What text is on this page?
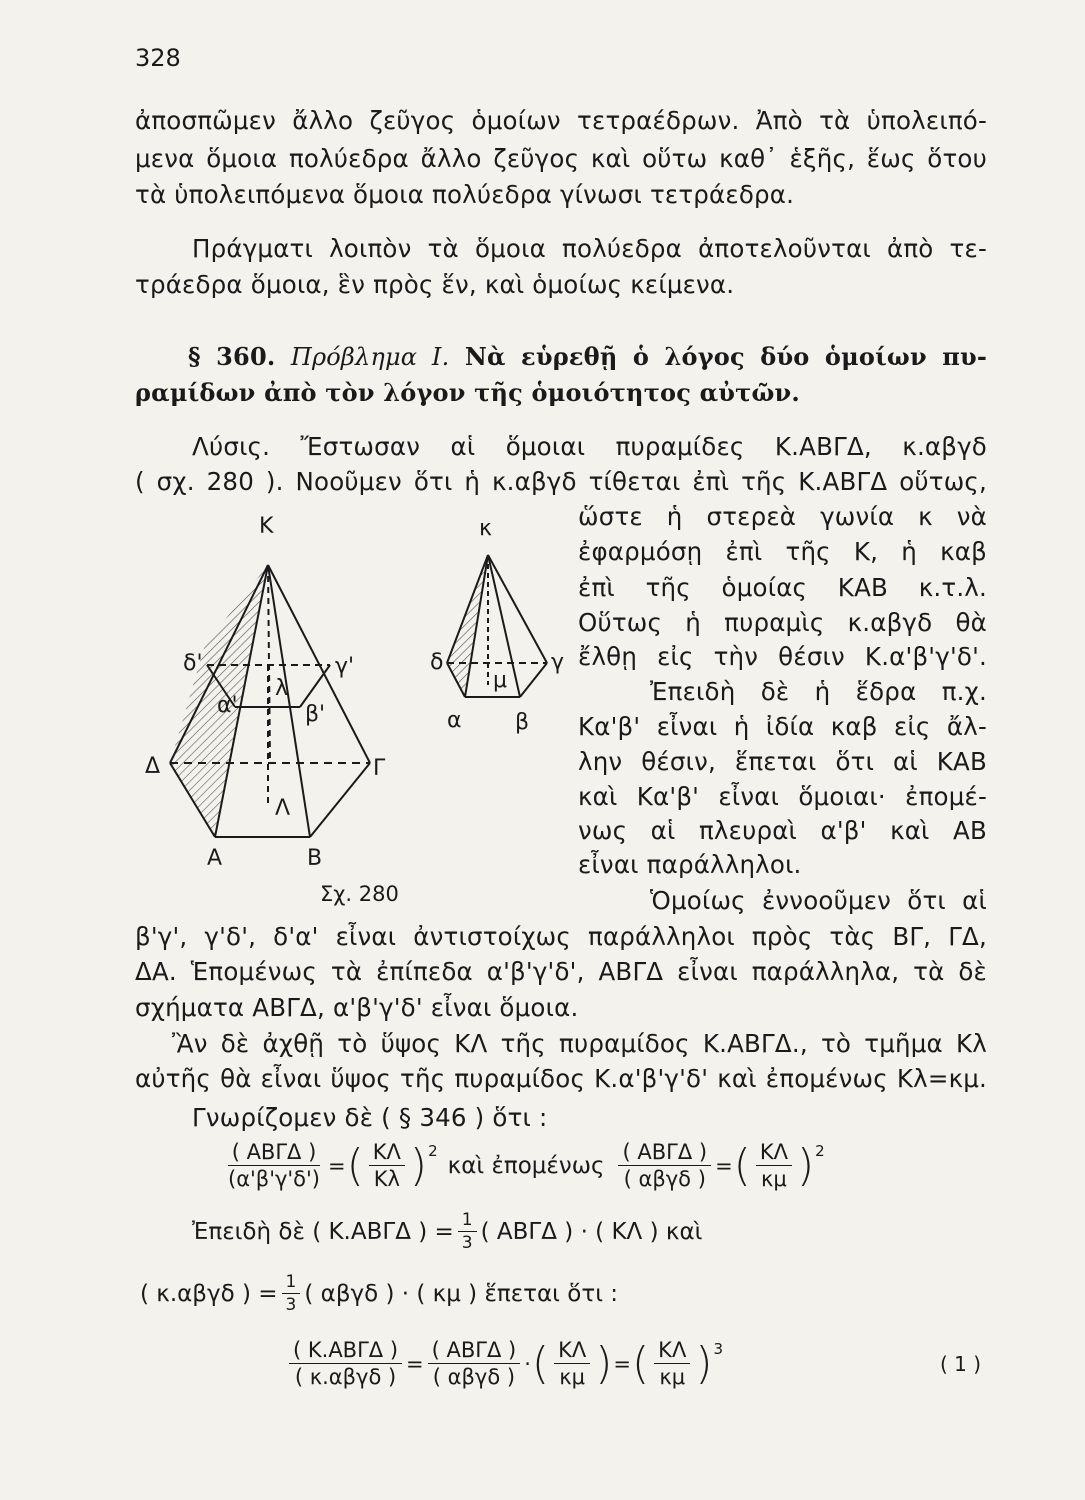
328
ἀποσπῶμεν ἄλλο ζεῦγος ὁμοίων τετραέδρων. Ἀπὸ τὰ ὑπολειπό-
μενα ὅμοια πολύεδρα ἄλλο ζεῦγος καὶ οὕτω καθ᾽ ἑξῆς, ἕως ὅτου
τὰ ὑπολειπόμενα ὅμοια πολύεδρα γίνωσι τετράεδρα.
Πράγματι λοιπὸν τὰ ὅμοια πολύεδρα ἀποτελοῦνται ἀπὸ τε-
τράεδρα ὅμοια, ἓν πρὸς ἕν, καὶ ὁμοίως κείμενα.
§ 360. Πρόβλημα Ι. Νὰ εὑρεθῇ ὁ λόγος δύο ὁμοίων πυ-
ραμίδων ἀπὸ τὸν λόγον τῆς ὁμοιότητος αὐτῶν.
Λύσις. Ἔστωσαν αἱ ὅμοιαι πυραμίδες Κ.ΑΒΓΔ, κ.αβγδ
( σχ. 280 ). Νοοῦμεν ὅτι ἡ κ.αβγδ τίθεται ἐπὶ τῆς Κ.ΑΒΓΔ οὕτως,
ὥστε ἡ στερεὰ γωνία κ νὰ
ἐφαρμόσῃ ἐπὶ τῆς Κ, ἡ καβ
ἐπὶ τῆς ὁμοίας ΚΑΒ κ.τ.λ.
Οὕτως ἡ πυραμὶς κ.αβγδ θὰ
ἔλθῃ εἰς τὴν θέσιν Κ.α'β'γ'δ'.
Ἐπειδὴ δὲ ἡ ἕδρα π.χ.
Κα'β' εἶναι ἡ ἰδία καβ εἰς ἄλ-
λην θέσιν, ἕπεται ὅτι αἱ ΚΑΒ
καὶ Κα'β' εἶναι ὅμοιαι· ἐπομέ-
νως αἱ πλευραὶ α'β' καὶ ΑΒ
εἶναι παράλληλοι.
Ὁμοίως ἐννοοῦμεν ὅτι αἱ
Κ
δ'	γ'
λ
α'	β'
Δ	Γ
Λ
Α	Β
κ
δ	γ
μ
α β
Σχ. 280
β'γ', γ'δ', δ'α' εἶναι ἀντιστοίχως παράλληλοι πρὸς τὰς ΒΓ, ΓΔ,
ΔΑ. Ἑπομένως τὰ ἐπίπεδα α'β'γ'δ', ΑΒΓΔ εἶναι παράλληλα, τὰ δὲ
σχήματα ΑΒΓΔ, α'β'γ'δ' εἶναι ὅμοια.
Ἂν δὲ ἀχθῇ τὸ ὕψος ΚΛ τῆς πυραμίδος Κ.ΑΒΓΔ., τὸ τμῆμα Κλ
αὐτῆς θὰ εἶναι ὕψος τῆς πυραμίδος Κ.α'β'γ'δ' καὶ ἐπομένως Κλ=κμ.
Γνωρίζομεν δὲ ( § 346 ) ὅτι :
$\frac{\text{( ΑΒΓΔ )}}{(\alpha'\beta'\gamma'\delta')}$ = ( $\frac{K\Lambda}{K\lambda}$ ) 2
καὶ ἐπομένως $\frac{\text{( ΑΒΓΔ )}}{\text{( αβγδ )}}$ = ( $\frac{K\Lambda}{\kappa\mu}$ ) 2
Ἐπειδὴ δὲ ( Κ.ΑΒΓΔ ) = $\frac{1}{3}$ ( ΑΒΓΔ ) · ( ΚΛ ) καὶ
( κ.αβγδ ) = $\frac{1}{3}$ ( αβγδ ) · ( κμ ) ἕπεται ὅτι :
$\frac{\text{( Κ.ΑΒΓΔ )}}{\text{( κ.αβγδ )}} = \frac{\text{( ΑΒΓΔ )}}{\text{( αβγδ )}}$ · ( $\frac{K\Lambda}{\kappa\mu}$ ) = ( $\frac{K\Lambda}{\kappa\mu}$ ) 3
( 1 )
